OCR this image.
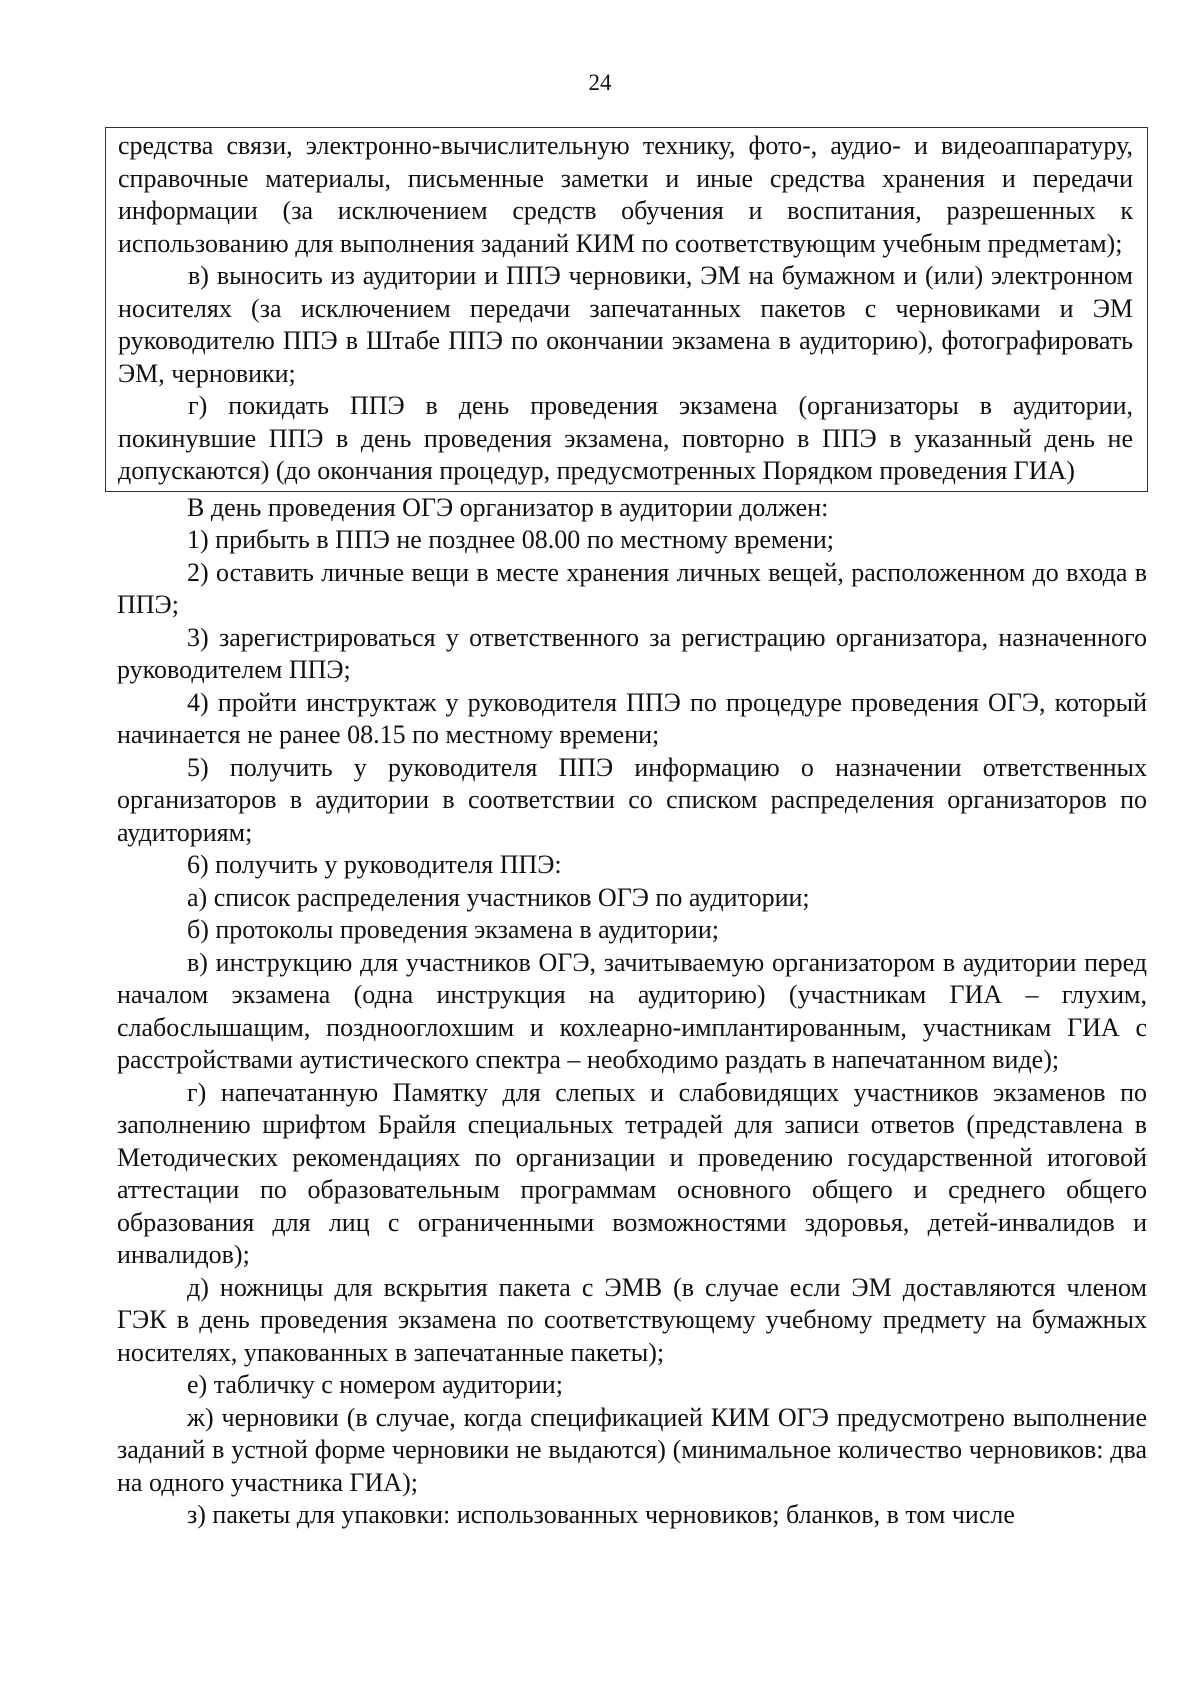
24

средства связи, электронно-вычислительную технику, фото-, аудио- и видеоаппаратуру, справочные материалы, письменные заметки и иные средства хранения и передачи информации (за исключением средств обучения и воспитания, разрешенных к использованию для выполнения заданий КИМ по соответствующим учебным предметам);

в) выносить из аудитории и ППЭ черновики, ЭМ на бумажном и (или) электронном носителях (за исключением передачи запечатанных пакетов с черновиками и ЭМ руководителю ППЭ в Штабе ППЭ по окончании экзамена в аудиторию), фотографировать ЭМ, черновики;

г) покидать ППЭ в день проведения экзамена (организаторы в аудитории, покинувшие ППЭ в день проведения экзамена, повторно в ППЭ в указанный день не допускаются) (до окончания процедур, предусмотренных Порядком проведения ГИА)

В день проведения ОГЭ организатор в аудитории должен:

1) прибыть в ППЭ не позднее 08.00 по местному времени;

2) оставить личные вещи в месте хранения личных вещей, расположенном до входа в ППЭ;

3) зарегистрироваться у ответственного за регистрацию организатора, назначенного руководителем ППЭ;

4) пройти инструктаж у руководителя ППЭ по процедуре проведения ОГЭ, который начинается не ранее 08.15 по местному времени;

5) получить у руководителя ППЭ информацию о назначении ответственных организаторов в аудитории в соответствии со списком распределения организаторов по аудиториям;

6) получить у руководителя ППЭ:

а) список распределения участников ОГЭ по аудитории;

б) протоколы проведения экзамена в аудитории;

в) инструкцию для участников ОГЭ, зачитываемую организатором в аудитории перед началом экзамена (одна инструкция на аудиторию) (участникам ГИА – глухим, слабослышащим, позднооглохшим и кохлеарно-имплантированным, участникам ГИА с расстройствами аутистического спектра – необходимо раздать в напечатанном виде);

г) напечатанную Памятку для слепых и слабовидящих участников экзаменов по заполнению шрифтом Брайля специальных тетрадей для записи ответов (представлена в Методических рекомендациях по организации и проведению государственной итоговой аттестации по образовательным программам основного общего и среднего общего образования для лиц с ограниченными возможностями здоровья, детей-инвалидов и инвалидов);

д) ножницы для вскрытия пакета с ЭМВ (в случае если ЭМ доставляются членом ГЭК в день проведения экзамена по соответствующему учебному предмету на бумажных носителях, упакованных в запечатанные пакеты);

е) табличку с номером аудитории;

ж) черновики (в случае, когда спецификацией КИМ ОГЭ предусмотрено выполнение заданий в устной форме черновики не выдаются) (минимальное количество черновиков: два на одного участника ГИА);

з) пакеты для упаковки: использованных черновиков; бланков, в том числе
